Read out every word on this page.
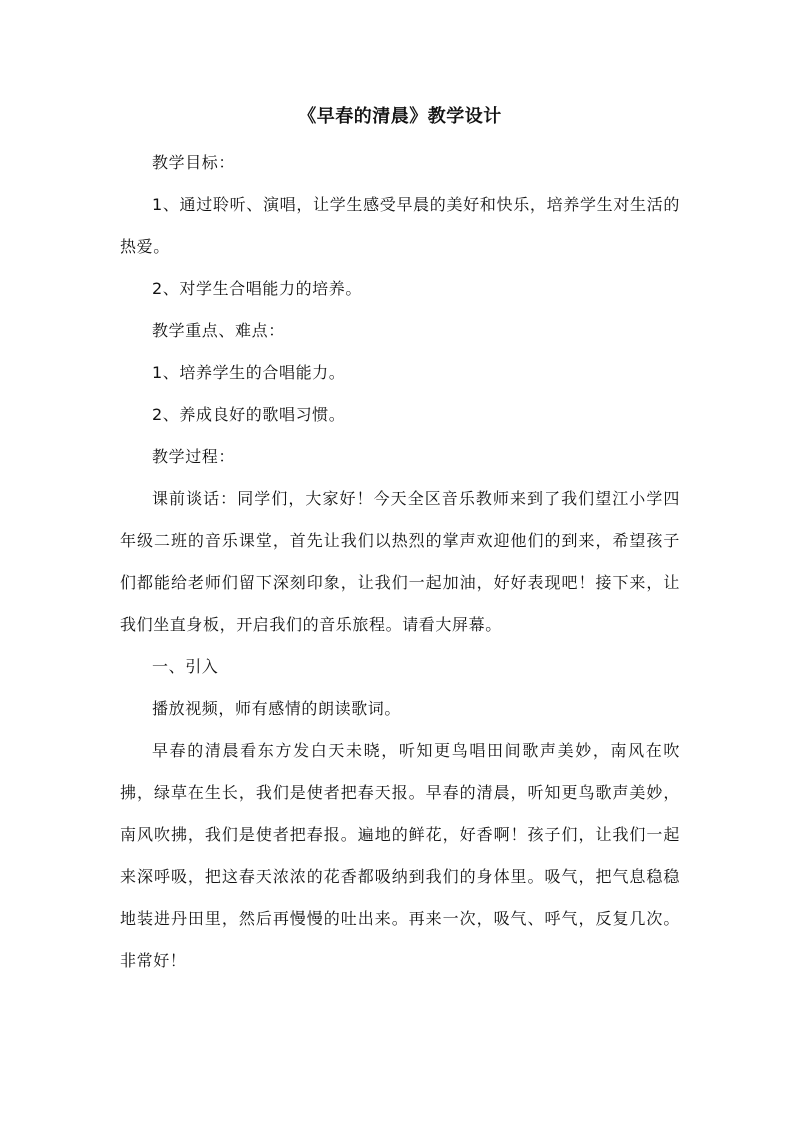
《早春的清晨》教学设计

教学目标：

1、通过聆听、演唱，让学生感受早晨的美好和快乐，培养学生对生活的热爱。

2、对学生合唱能力的培养。

教学重点、难点：

1、培养学生的合唱能力。

2、养成良好的歌唱习惯。

教学过程：

课前谈话：同学们，大家好！今天全区音乐教师来到了我们望江小学四年级二班的音乐课堂，首先让我们以热烈的掌声欢迎他们的到来，希望孩子们都能给老师们留下深刻印象，让我们一起加油，好好表现吧！接下来，让我们坐直身板，开启我们的音乐旅程。请看大屏幕。

一、引入

播放视频，师有感情的朗读歌词。

早春的清晨看东方发白天未晓，听知更鸟唱田间歌声美妙，南风在吹拂，绿草在生长，我们是使者把春天报。早春的清晨，听知更鸟歌声美妙，南风吹拂，我们是使者把春报。遍地的鲜花，好香啊！孩子们，让我们一起来深呼吸，把这春天浓浓的花香都吸纳到我们的身体里。吸气，把气息稳稳地装进丹田里，然后再慢慢的吐出来。再来一次，吸气、呼气，反复几次。非常好！
